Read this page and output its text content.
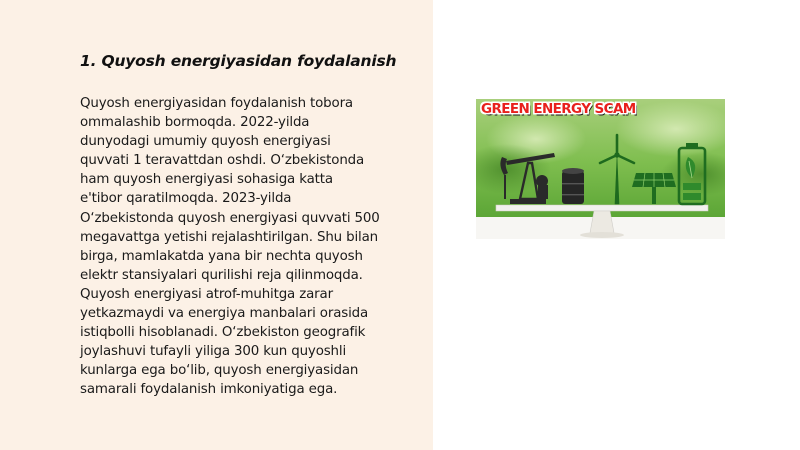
1. Quyosh energiyasidan foydalanish
Quyosh energiyasidan foydalanish tobora
ommalashib bormoqda. 2022-yilda
dunyodagi umumiy quyosh energiyasi
quvvati 1 teravattdan oshdi. O‘zbekistonda
ham quyosh energiyasi sohasiga katta
e'tibor qaratilmoqda. 2023-yilda
O‘zbekistonda quyosh energiyasi quvvati 500
megavattga yetishi rejalashtirilgan. Shu bilan
birga, mamlakatda yana bir nechta quyosh
elektr stansiyalari qurilishi reja qilinmoqda.
Quyosh energiyasi atrof-muhitga zarar
yetkazmaydi va energiya manbalari orasida
istiqbolli hisoblanadi. O‘zbekiston geografik
joylashuvi tufayli yiliga 300 kun quyoshli
kunlarga ega bo‘lib, quyosh energiyasidan
samarali foydalanish imkoniyatiga ega.
GREEN ENERGY SCAM
